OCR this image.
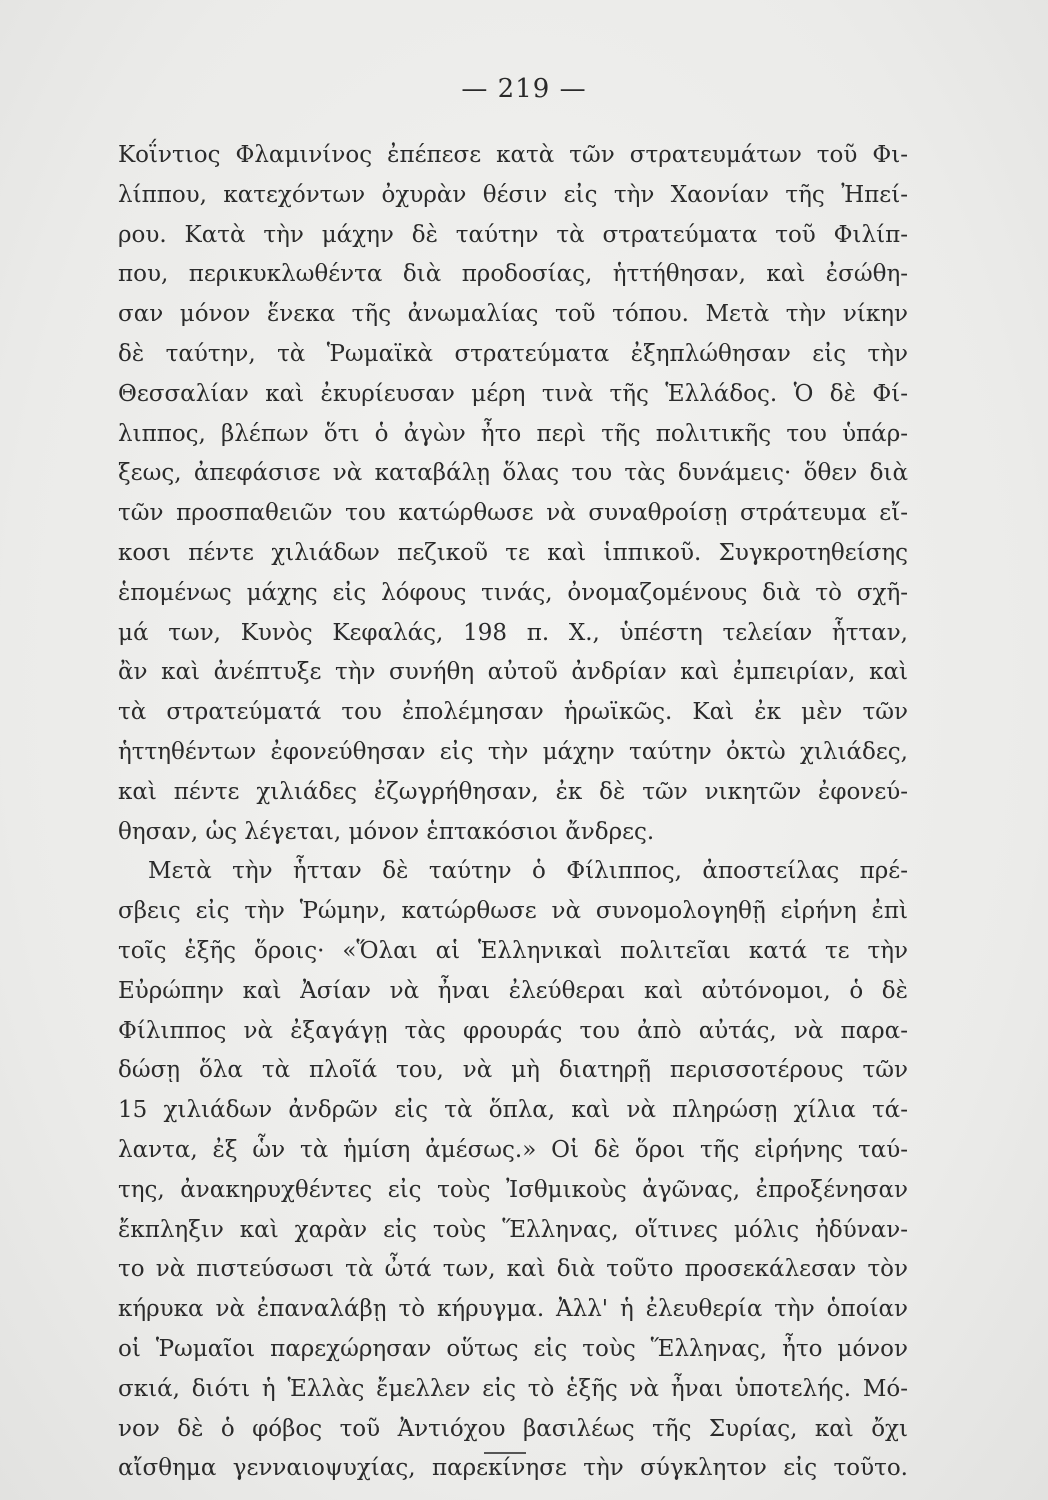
— 219 —
Κοΐντιος Φλαμινίνος ἐπέπεσε κατὰ τῶν στρατευμάτων τοῦ Φι-
λίππου, κατεχόντων ὀχυρὰν θέσιν εἰς τὴν Χαονίαν τῆς Ἠπεί-
ρου. Κατὰ τὴν μάχην δὲ ταύτην τὰ στρατεύματα τοῦ Φιλίπ-
που, περικυκλωθέντα διὰ προδοσίας, ἡττήθησαν, καὶ ἐσώθη-
σαν μόνον ἕνεκα τῆς ἀνωμαλίας τοῦ τόπου. Μετὰ τὴν νίκην
δὲ ταύτην, τὰ Ῥωμαϊκὰ στρατεύματα ἐξηπλώθησαν εἰς τὴν
Θεσσαλίαν καὶ ἐκυρίευσαν μέρη τινὰ τῆς Ἑλλάδος. Ὁ δὲ Φί-
λιππος, βλέπων ὅτι ὁ ἀγὼν ἦτο περὶ τῆς πολιτικῆς του ὑπάρ-
ξεως, ἀπεφάσισε νὰ καταβάλῃ ὅλας του τὰς δυνάμεις· ὅθεν διὰ
τῶν προσπαθειῶν του κατώρθωσε νὰ συναθροίσῃ στράτευμα εἴ-
κοσι πέντε χιλιάδων πεζικοῦ τε καὶ ἱππικοῦ. Συγκροτηθείσης
ἑπομένως μάχης εἰς λόφους τινάς, ὀνομαζομένους διὰ τὸ σχῆ-
μά των, Κυνὸς Κεφαλάς, 198 π. Χ., ὑπέστη τελείαν ἧτταν,
ἂν καὶ ἀνέπτυξε τὴν συνήθη αὐτοῦ ἀνδρίαν καὶ ἐμπειρίαν, καὶ
τὰ στρατεύματά του ἐπολέμησαν ἡρωϊκῶς. Καὶ ἐκ μὲν τῶν
ἡττηθέντων ἐφονεύθησαν εἰς τὴν μάχην ταύτην ὀκτὼ χιλιάδες,
καὶ πέντε χιλιάδες ἐζωγρήθησαν, ἐκ δὲ τῶν νικητῶν ἐφονεύ-
θησαν, ὡς λέγεται, μόνον ἑπτακόσιοι ἄνδρες.
Μετὰ τὴν ἧτταν δὲ ταύτην ὁ Φίλιππος, ἀποστείλας πρέ-
σβεις εἰς τὴν Ῥώμην, κατώρθωσε νὰ συνομολογηθῇ εἰρήνη ἐπὶ
τοῖς ἑξῆς ὅροις· «Ὅλαι αἱ Ἑλληνικαὶ πολιτεῖαι κατά τε τὴν
Εὐρώπην καὶ Ἀσίαν νὰ ἦναι ἐλεύθεραι καὶ αὐτόνομοι, ὁ δὲ
Φίλιππος νὰ ἐξαγάγῃ τὰς φρουράς του ἀπὸ αὐτάς, νὰ παρα-
δώσῃ ὅλα τὰ πλοῖά του, νὰ μὴ διατηρῇ περισσοτέρους τῶν
15 χιλιάδων ἀνδρῶν εἰς τὰ ὅπλα, καὶ νὰ πληρώσῃ χίλια τά-
λαντα, ἐξ ὧν τὰ ἡμίση ἀμέσως.» Οἱ δὲ ὅροι τῆς εἰρήνης ταύ-
της, ἀνακηρυχθέντες εἰς τοὺς Ἰσθμικοὺς ἀγῶνας, ἐπροξένησαν
ἔκπληξιν καὶ χαρὰν εἰς τοὺς Ἕλληνας, οἵτινες μόλις ἠδύναν-
το νὰ πιστεύσωσι τὰ ὦτά των, καὶ διὰ τοῦτο προσεκάλεσαν τὸν
κήρυκα νὰ ἐπαναλάβῃ τὸ κήρυγμα. Ἀλλ' ἡ ἐλευθερία τὴν ὁποίαν
οἱ Ῥωμαῖοι παρεχώρησαν οὕτως εἰς τοὺς Ἕλληνας, ἦτο μόνον
σκιά, διότι ἡ Ἑλλὰς ἔμελλεν εἰς τὸ ἑξῆς νὰ ἦναι ὑποτελής. Μό-
νον δὲ ὁ φόβος τοῦ Ἀντιόχου βασιλέως τῆς Συρίας, καὶ ὄχι
αἴσθημα γενναιοψυχίας, παρεκίνησε τὴν σύγκλητον εἰς τοῦτο.
